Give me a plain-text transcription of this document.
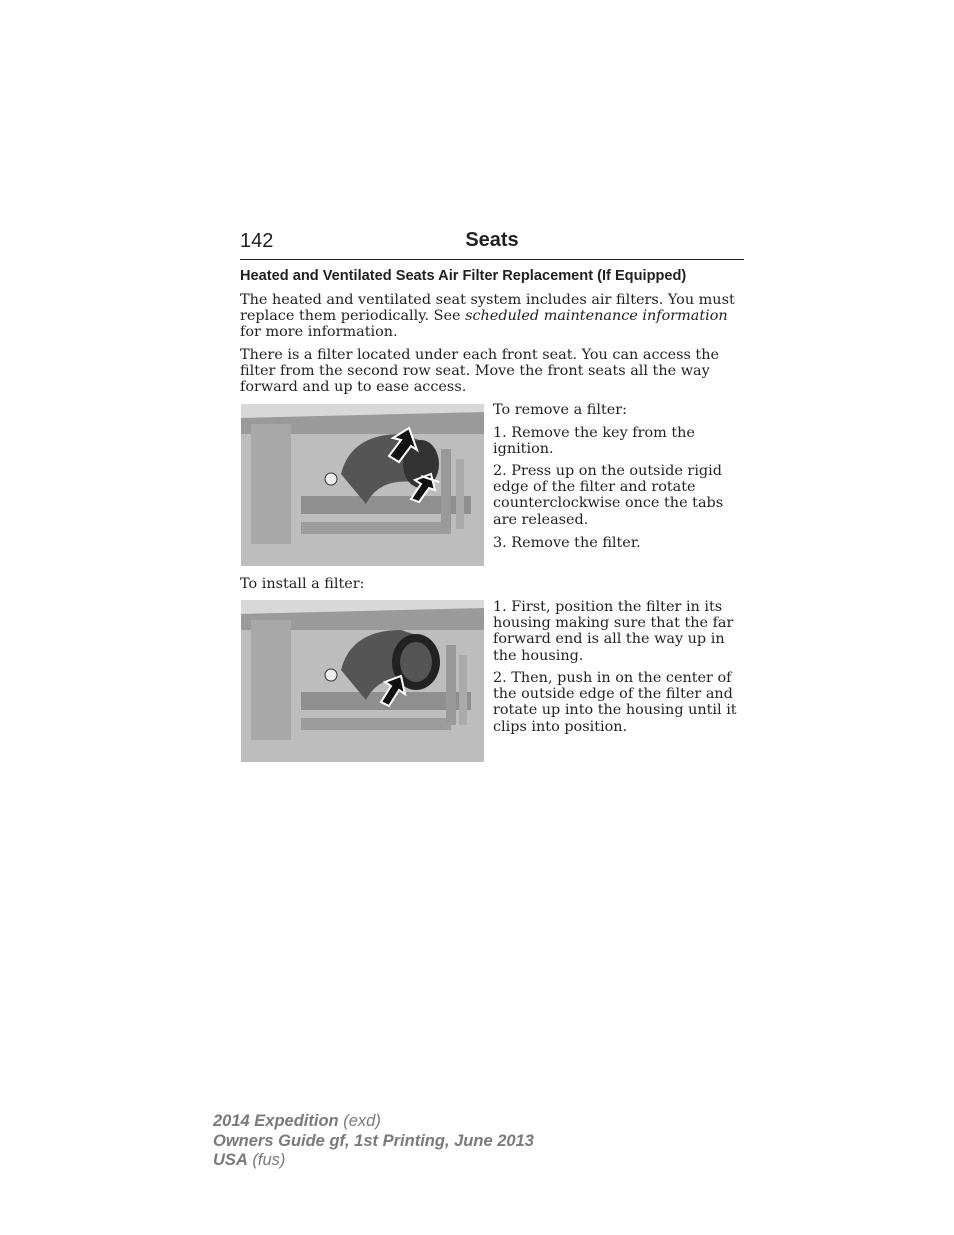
142	Seats
Heated and Ventilated Seats Air Filter Replacement (If Equipped)

The heated and ventilated seat system includes air filters. You must replace them periodically. See scheduled maintenance information for more information.

There is a filter located under each front seat. You can access the filter from the second row seat. Move the front seats all the way forward and up to ease access.

To remove a filter:

1. Remove the key from the ignition.

2. Press up on the outside rigid edge of the filter and rotate counterclockwise once the tabs are released.

3. Remove the filter.

To install a filter:

1. First, position the filter in its housing making sure that the far forward end is all the way up in the housing.

2. Then, push in on the center of the outside edge of the filter and rotate up into the housing until it clips into position.

2014 Expedition (exd)
Owners Guide gf, 1st Printing, June 2013
USA (fus)
